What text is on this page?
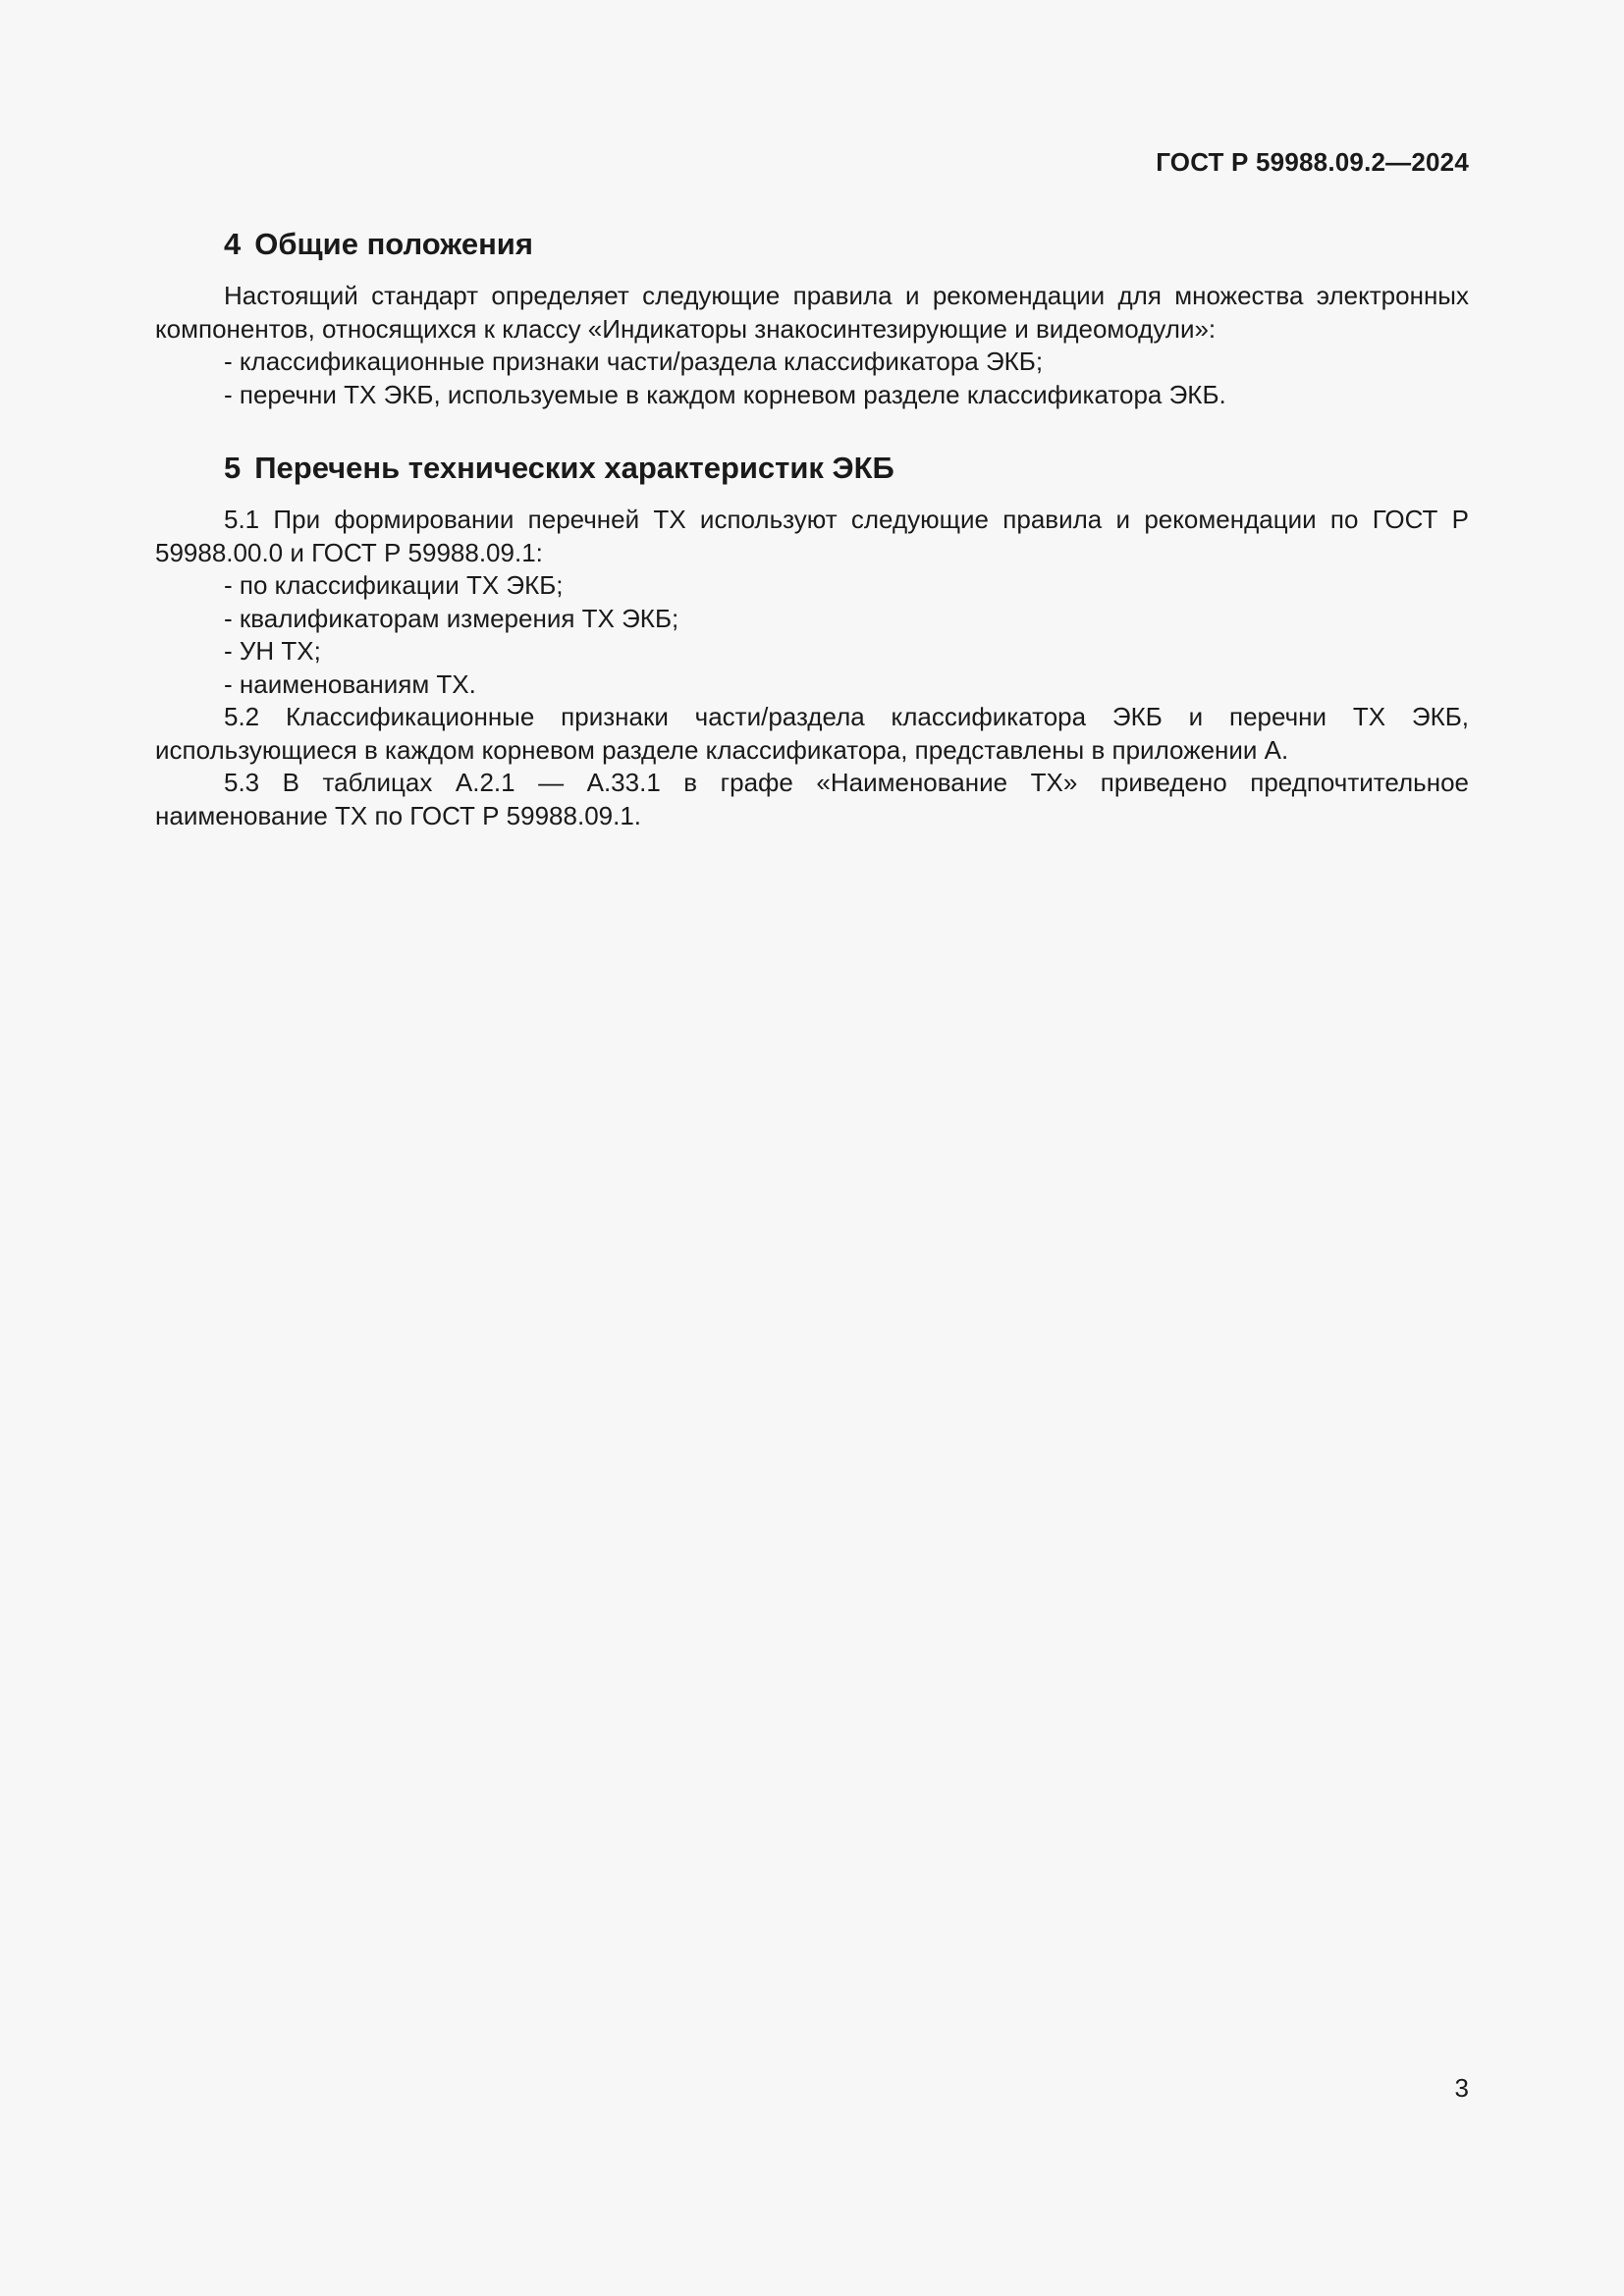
ГОСТ Р 59988.09.2—2024
4 Общие положения

Настоящий стандарт определяет следующие правила и рекомендации для множества электронных компонентов, относящихся к классу «Индикаторы знакосинтезирующие и видеомодули»:

- классификационные признаки части/раздела классификатора ЭКБ;
- перечни ТХ ЭКБ, используемые в каждом корневом разделе классификатора ЭКБ.
5 Перечень технических характеристик ЭКБ

5.1 При формировании перечней ТХ используют следующие правила и рекомендации по ГОСТ Р 59988.00.0 и ГОСТ Р 59988.09.1:

- по классификации ТХ ЭКБ;
- квалификаторам измерения ТХ ЭКБ;
- УН ТХ;
- наименованиям ТХ.

5.2 Классификационные признаки части/раздела классификатора ЭКБ и перечни ТХ ЭКБ, использующиеся в каждом корневом разделе классификатора, представлены в приложении А.

5.3 В таблицах А.2.1 — А.33.1 в графе «Наименование ТХ» приведено предпочтительное наименование ТХ по ГОСТ Р 59988.09.1.

3
